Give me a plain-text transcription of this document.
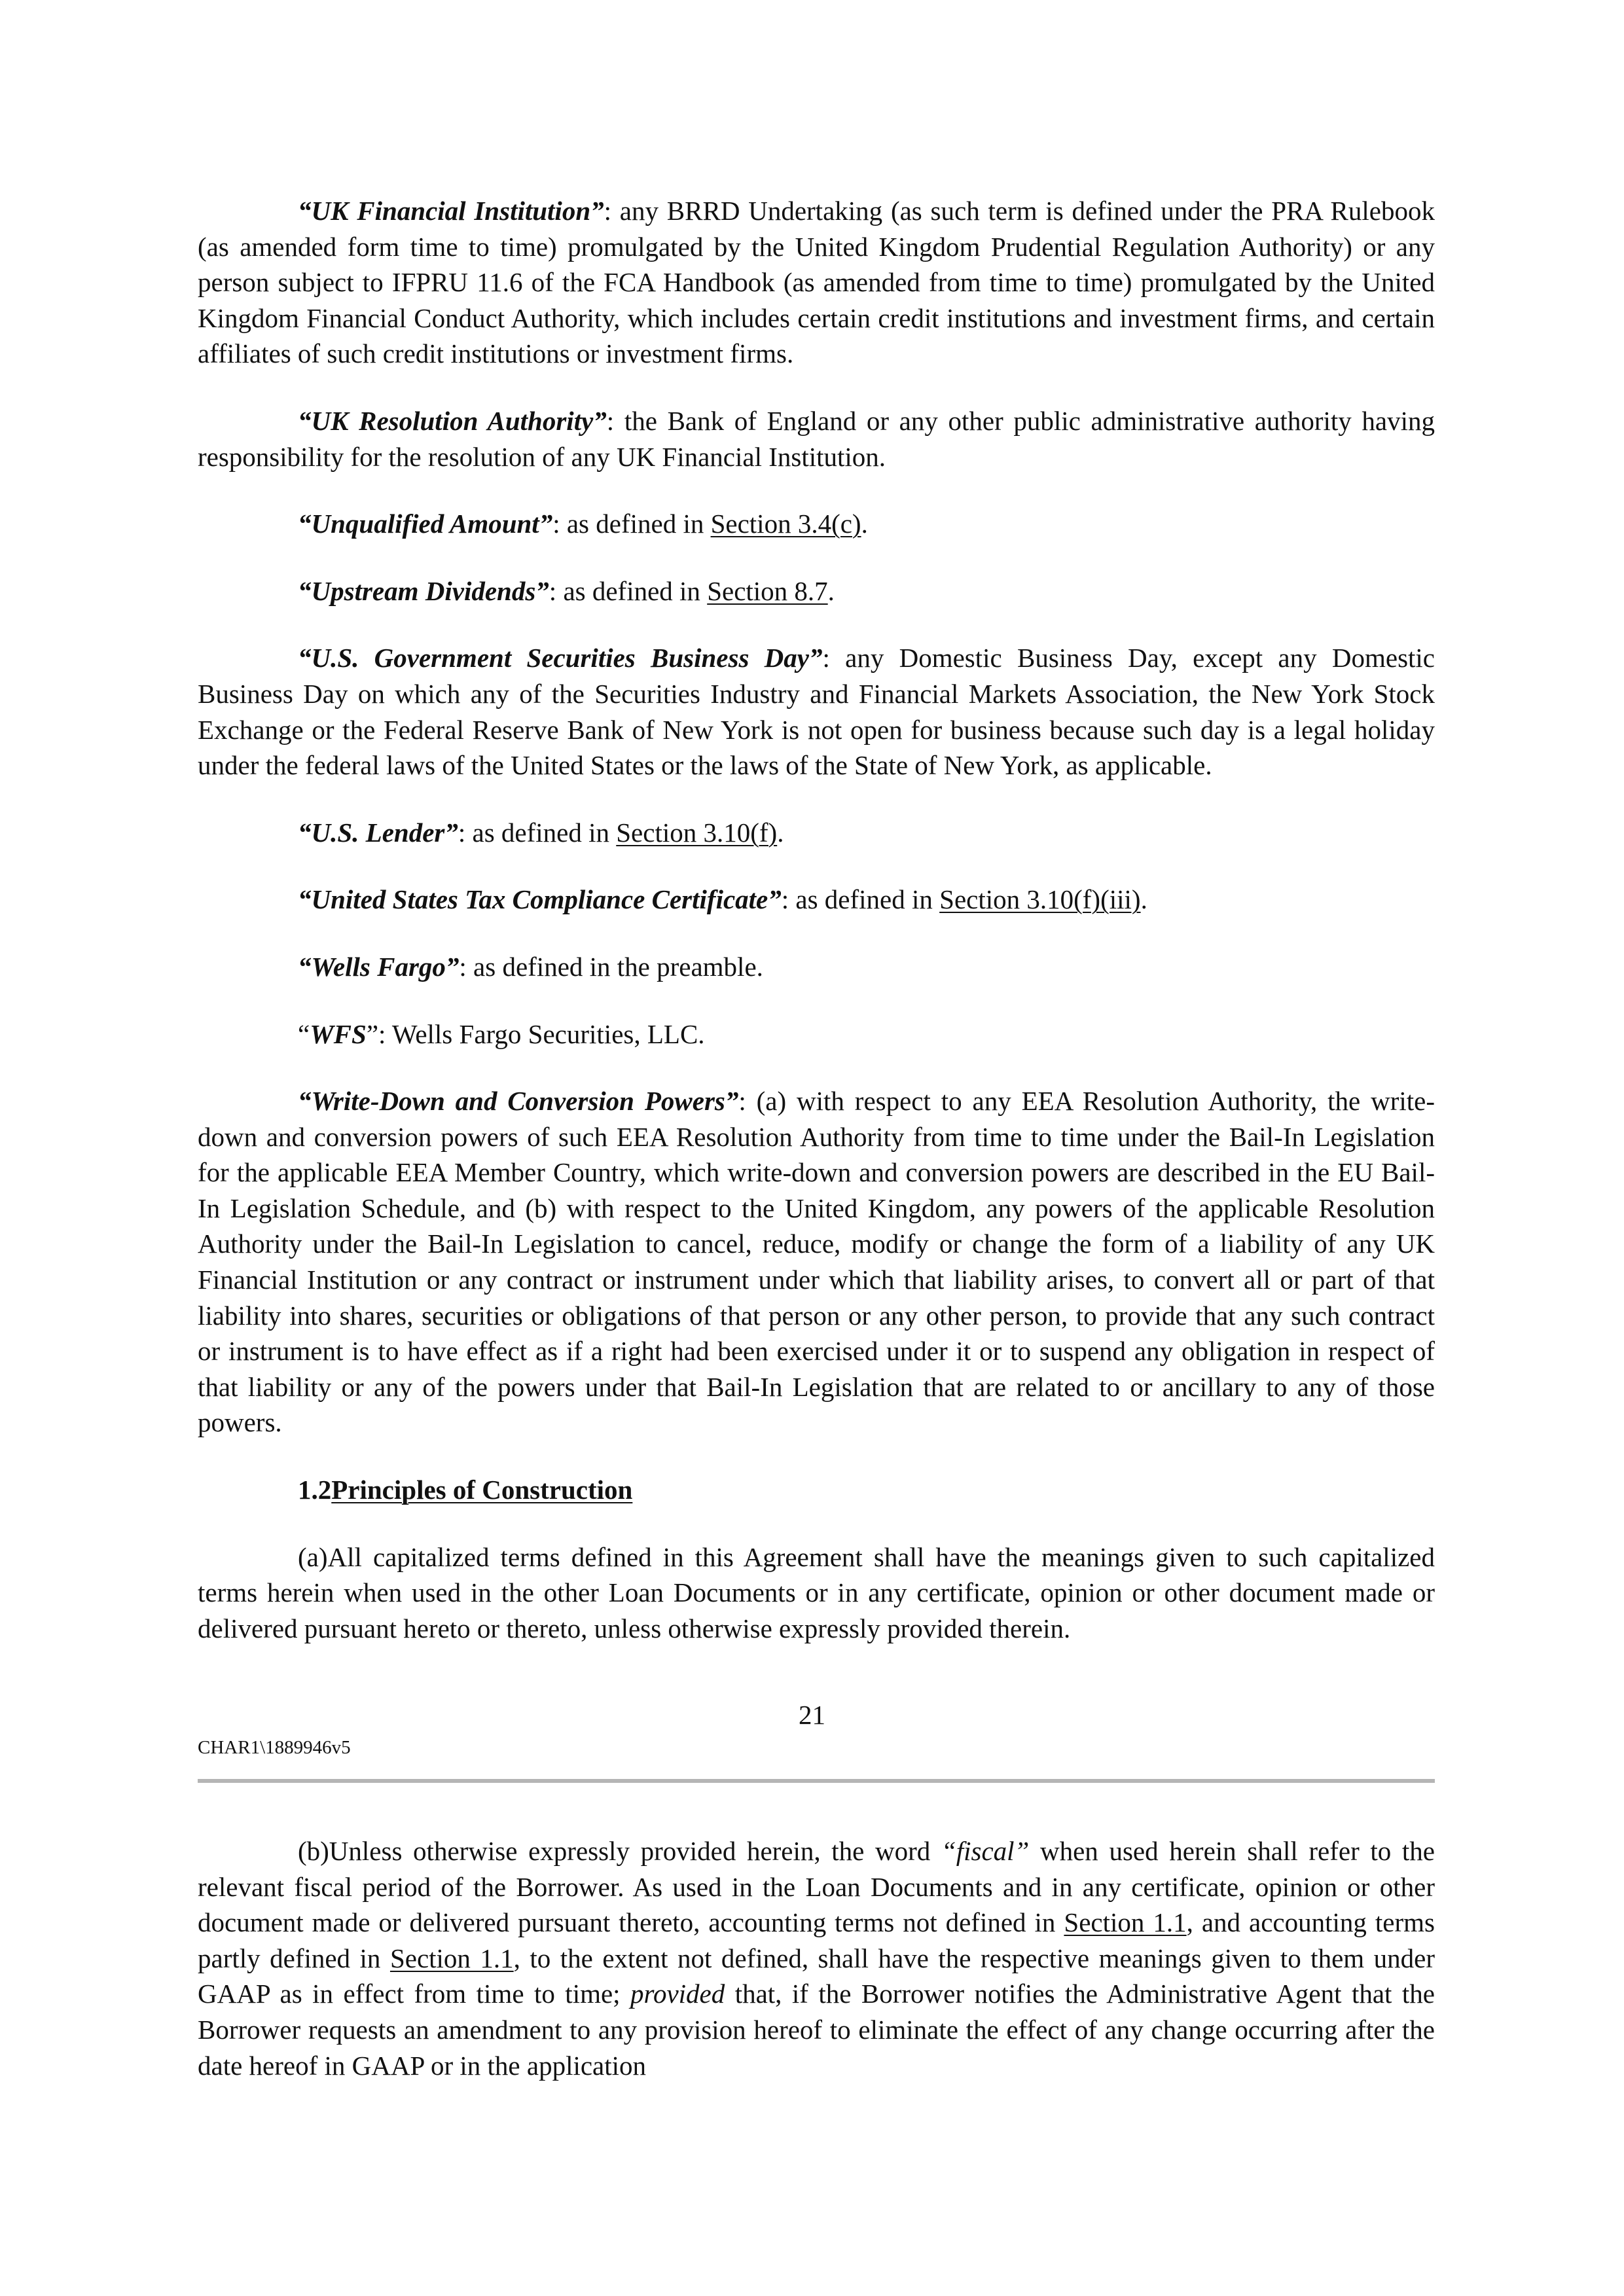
“UK Financial Institution”: any BRRD Undertaking (as such term is defined under the PRA Rulebook (as amended form time to time) promulgated by the United Kingdom Prudential Regulation Authority) or any person subject to IFPRU 11.6 of the FCA Handbook (as amended from time to time) promulgated by the United Kingdom Financial Conduct Authority, which includes certain credit institutions and investment firms, and certain affiliates of such credit institutions or investment firms.

“UK Resolution Authority”: the Bank of England or any other public administrative authority having responsibility for the resolution of any UK Financial Institution.

“Unqualified Amount”: as defined in Section 3.4(c).

“Upstream Dividends”: as defined in Section 8.7.

“U.S. Government Securities Business Day”: any Domestic Business Day, except any Domestic Business Day on which any of the Securities Industry and Financial Markets Association, the New York Stock Exchange or the Federal Reserve Bank of New York is not open for business because such day is a legal holiday under the federal laws of the United States or the laws of the State of New York, as applicable.

“U.S. Lender”: as defined in Section 3.10(f).

“United States Tax Compliance Certificate”: as defined in Section 3.10(f)(iii).

“Wells Fargo”: as defined in the preamble.

“WFS”: Wells Fargo Securities, LLC.

“Write-Down and Conversion Powers”: (a) with respect to any EEA Resolution Authority, the write-down and conversion powers of such EEA Resolution Authority from time to time under the Bail-In Legislation for the applicable EEA Member Country, which write-down and conversion powers are described in the EU Bail-In Legislation Schedule, and (b) with respect to the United Kingdom, any powers of the applicable Resolution Authority under the Bail-In Legislation to cancel, reduce, modify or change the form of a liability of any UK Financial Institution or any contract or instrument under which that liability arises, to convert all or part of that liability into shares, securities or obligations of that person or any other person, to provide that any such contract or instrument is to have effect as if a right had been exercised under it or to suspend any obligation in respect of that liability or any of the powers under that Bail-In Legislation that are related to or ancillary to any of those powers.

1.2Principles of Construction

(a)All capitalized terms defined in this Agreement shall have the meanings given to such capitalized terms herein when used in the other Loan Documents or in any certificate, opinion or other document made or delivered pursuant hereto or thereto, unless otherwise expressly provided therein.

21
CHAR1\1889946v5

(b)Unless otherwise expressly provided herein, the word “fiscal” when used herein shall refer to the relevant fiscal period of the Borrower. As used in the Loan Documents and in any certificate, opinion or other document made or delivered pursuant thereto, accounting terms not defined in Section 1.1, and accounting terms partly defined in Section 1.1, to the extent not defined, shall have the respective meanings given to them under GAAP as in effect from time to time; provided that, if the Borrower notifies the Administrative Agent that the Borrower requests an amendment to any provision hereof to eliminate the effect of any change occurring after the date hereof in GAAP or in the application
